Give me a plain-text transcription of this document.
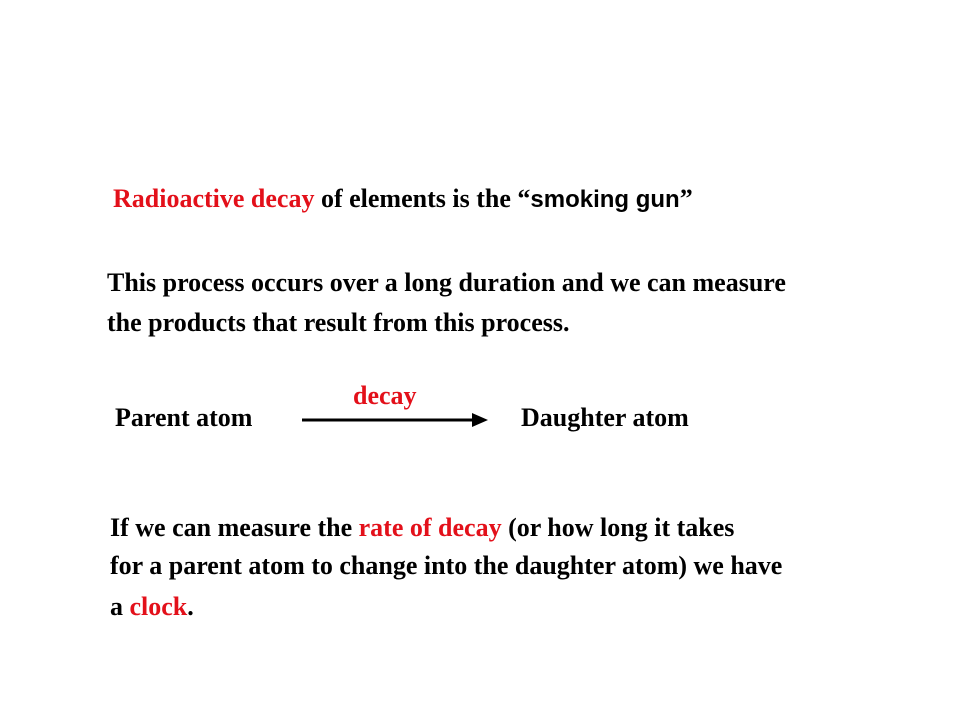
Radioactive decay of elements is the “smoking gun”
This process occurs over a long duration and we can measure
the products that result from this process.
decay
Parent atom	Daughter atom
If we can measure the rate of decay (or how long it takes
for a parent atom to change into the daughter atom) we have
a clock.
